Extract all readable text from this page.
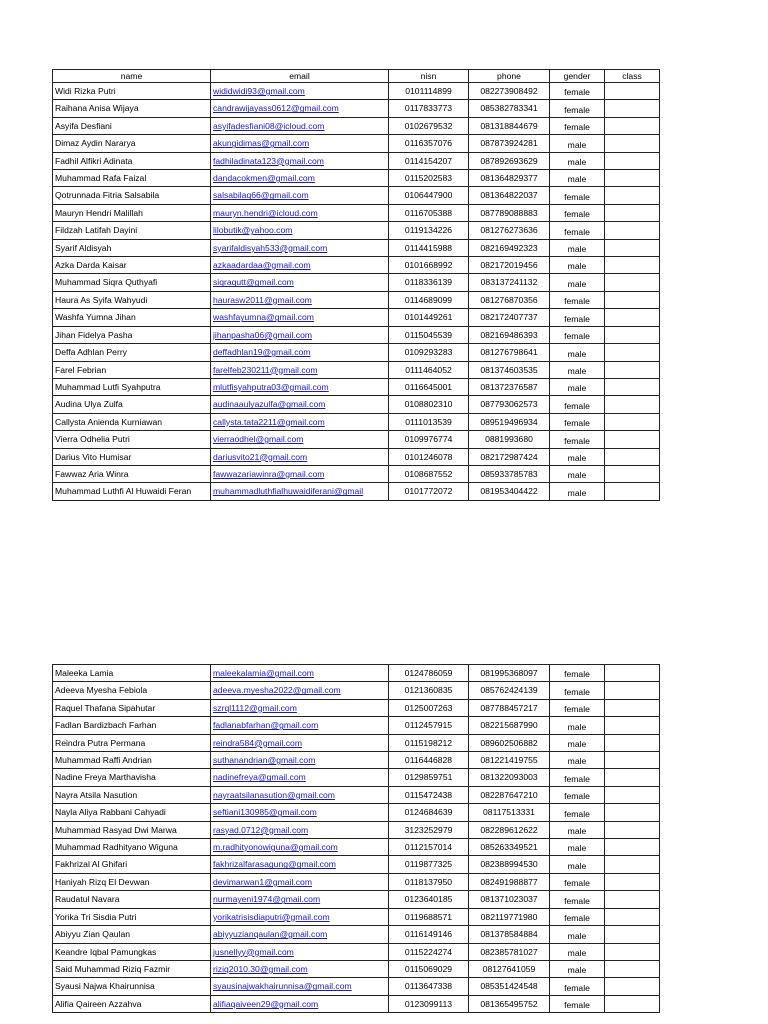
name	email	nisn	phone	gender	class
Widi Rizka Putri	wididwidi93@gmail.com	0101114899	082273908492	female	
Raihana Anisa Wijaya	candrawijayass0612@gmail.com	0117833773	085382783341	female	
Asyifa Desfiani	asyifadesfiani08@icloud.com	0102679532	081318844679	female	
Dimaz Aydin Nararya	akungidimas@gmail.com	0116357076	087873924281	male	
Fadhil Alfikri Adinata	fadhiladinata123@gmail.com	0114154207	087892693629	male	
Muhammad Rafa Faizal	dandacokmen@gmail.com	0115202583	081364829377	male	
Qotrunnada Fitria Salsabila	salsabilaq66@gmail.com	0106447900	081364822037	female	
Mauryn Hendri Malillah	mauryn.hendri@icloud.com	0116705388	087789088883	female	
Fildzah Latifah Dayini	lilobutik@yahoo.com	0119134226	081276273636	female	
Syarif Aldisyah	syarifaldisyah533@gmail.com	0114415988	082169492323	male	
Azka Darda Kaisar	azkaadardaa@gmail.com	0101668992	082172019456	male	
Muhammad Siqra Quthyafi	siqraqutt@gmail.com	0118336139	083137241132	male	
Haura As Syifa Wahyudi	haurasw2011@gmail.com	0114689099	081276870356	female	
Washfa Yumna Jihan	washfayumna@gmail.com	0101449261	082172407737	female	
Jihan Fidelya Pasha	jihanpasha06@gmail.com	0115045539	082169486393	female	
Deffa Adhlan Perry	deffadhlan19@gmail.com	0109293283	081276798641	male	
Farel Febrian	farelfeb230211@gmail.com	0111464052	081374603535	male	
Muhammad Lutfi Syahputra	mlutfisyahputra03@gmail.com	0116645001	081372376587	male	
Audina Ulya Zulfa	audinaaulyazulfa@gmail.com	0108802310	087793062573	female	
Callysta Anienda Kurniawan	callysta.tata2211@gmail.com	0111013539	089519496934	female	
Vierra Odhelia Putri	vierraodhel@gmail.com	0109976774	0881993680	female	
Darius Vito Humisar	dariusvito21@gmail.com	0101246078	082172987424	male	
Fawwaz Aria Winra	fawwazariawinra@gmail.com	0108687552	085933785783	male	
Muhammad Luthfi Al Huwaidi Feran	muhammadluthfialhuwaidiferani@gmail	0101772072	081953404422	male	
Maleeka Lamia	maleekalamia@gmail.com	0124786059	081995368097	female	
Adeeva Myesha Febiola	adeeva.myesha2022@gmail.com	0121360835	085762424139	female	
Raquel Thafana Sipahutar	szrql1112@gmail.com	0125007263	087788457217	female	
Fadlan Bardizbach Farhan	fadlanabfarhan@gmail.com	0112457915	082215687990	male	
Reindra Putra Permana	reindra584@gmail.com	0115198212	089602506882	male	
Muhammad Raffi Andrian	suthanandrian@gmail.com	0116446828	081221419755	male	
Nadine Freya Marthavisha	nadinefreya@gmail.com	0129859751	081322093003	female	
Nayra Atsila Nasution	nayraatsilanasution@gmail.com	0115472438	082287647210	female	
Nayla Aliya Rabbani Cahyadi	seftiani130985@gmail.com	0124684639	08117513331	female	
Muhammad Rasyad Dwi Marwa	rasyad.0712@gmail.com	3123252979	082289612622	male	
Muhammad Radhityano Wiguna	m.radhityonowiguna@gmail.com	0112157014	085263349521	male	
Fakhrizal Al Ghifari	fakhrizalfarasagung@gmail.com	0119877325	082388994530	male	
Haniyah Rizq El Devwan	devimarwan1@gmail.com	0118137950	082491988877	female	
Raudatul Navara	nurmayeni1974@gmail.com	0123640185	081371023037	female	
Yorika Tri Sisdia Putri	yorikatrisisdiaputri@gmail.com	0119688571	082119771980	female	
Abiyyu Zian Qaulan	abiyyuzianqaulan@gmail.com	0116149146	081378584884	male	
Keandre Iqbal Pamungkas	jusnellyy@gmail.com	0115224274	082385781027	male	
Said Muhammad Riziq Fazmir	riziq2010.30@gmail.com	0115069029	08127641059	male	
Syausi Najwa Khairunnisa	syausinajwakhairunnisa@gmail.com	0113647338	085351424548	female	
Alifia Qaireen Azzahva	alifiaqaiveen29@gmail.com	0123099113	081365495752	female	
